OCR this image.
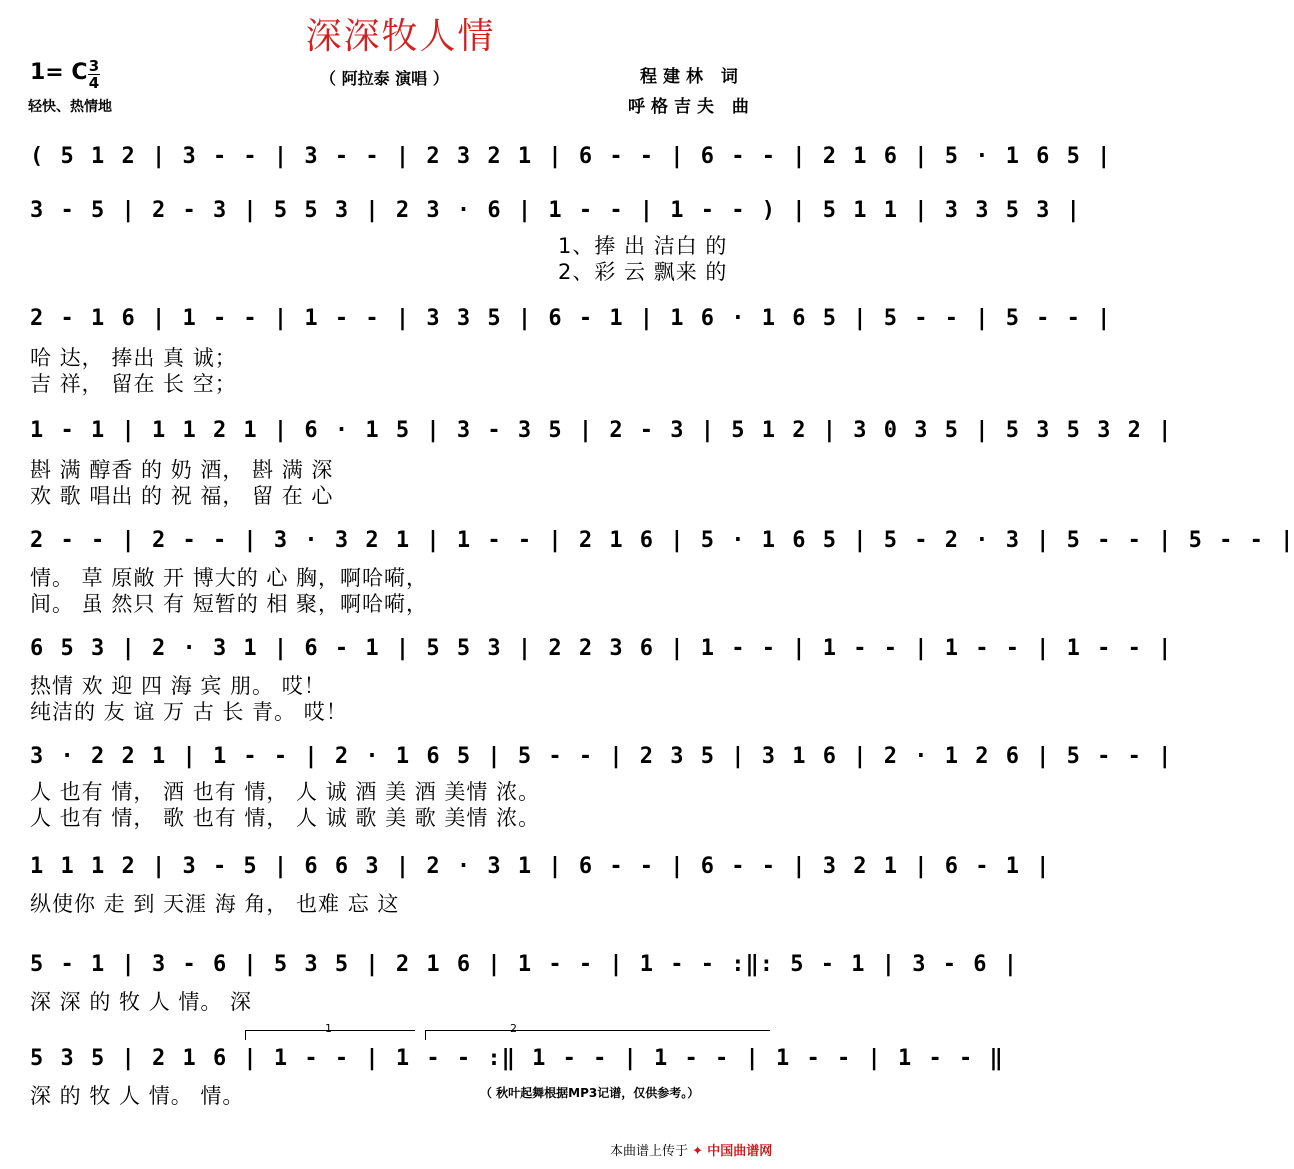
深深牧人情
1= C 3
4	（ 阿拉泰 演唱 ）
轻快、热情地
程建林 词
呼格吉夫 曲
( 5 1 2 | 3 - - | 3 - - | 2 3 2 1 | 6 - - | 6 - - | 2 1 6 | 5 · 1 6 5 |
3 - 5 | 2 - 3 | 5 5 3 | 2 3 · 6 | 1 - - | 1 - - ) | 5 1 1 | 3 3 5 3 |
1、捧 出 洁白 的
2、彩 云 飘来 的
2 - 1 6 | 1 - - | 1 - - | 3 3 5 | 6 - 1 | 1 6 · 1 6 5 | 5 - - | 5 - - |
哈 达， 捧出 真 诚；
吉 祥， 留在 长 空；
1 - 1 | 1 1 2 1 | 6 · 1 5 | 3 - 3 5 | 2 - 3 | 5 1 2 | 3 0 3 5 | 5 3 5 3 2 |
斟 满 醇香 的 奶 酒， 斟 满 深
欢 歌 唱出 的 祝 福， 留 在 心
2 - - | 2 - - | 3 · 3 2 1 | 1 - - | 2 1 6 | 5 · 1 6 5 | 5 - 2 · 3 | 5 - - | 5 - - |
情。 草 原敞 开 博大的 心 胸，啊哈嗬，
间。 虽 然只 有 短暂的 相 聚，啊哈嗬，
6 5 3 | 2 · 3 1 | 6 - 1 | 5 5 3 | 2 2 3 6 | 1 - - | 1 - - | 1 - - | 1 - - |
热情 欢 迎 四 海 宾 朋。 哎！
纯洁的 友 谊 万 古 长 青。 哎！
3 · 2 2 1 | 1 - - | 2 · 1 6 5 | 5 - - | 2 3 5 | 3 1 6 | 2 · 1 2 6 | 5 - - |
人 也有 情， 酒 也有 情， 人 诚 酒 美 酒 美情 浓。
人 也有 情， 歌 也有 情， 人 诚 歌 美 歌 美情 浓。
1 1 1 2 | 3 - 5 | 6 6 3 | 2 · 3 1 | 6 - - | 6 - - | 3 2 1 | 6 - 1 |
纵使你 走 到 天涯 海 角， 也难 忘 这
5 - 1 | 3 - 6 | 5 3 5 | 2 1 6 | 1 - - | 1 - - :‖: 5 - 1 | 3 - 6 |
深 深 的 牧 人 情。 深
1	2
5 3 5 | 2 1 6 | 1 - - | 1 - - :‖ 1 - - | 1 - - | 1 - - | 1 - - ‖
深 的 牧 人 情。 情。	（ 秋叶起舞根据MP3记谱，仅供参考。）
本曲谱上传于 ✦ 中国曲谱网
